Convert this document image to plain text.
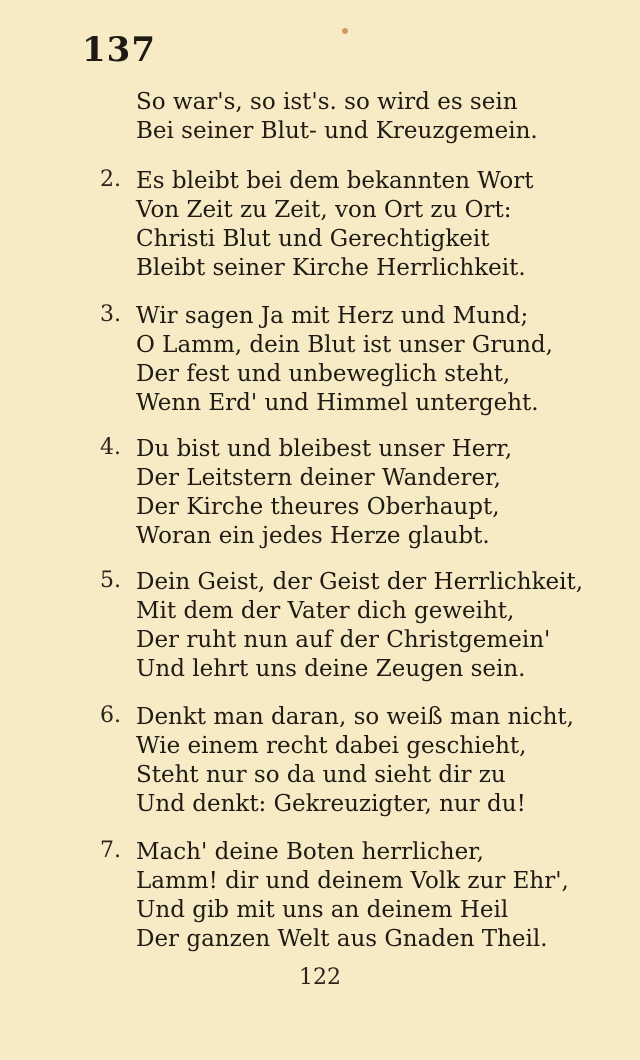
137
So war's, so ist's. so wird es sein
Bei seiner Blut- und Kreuzgemein.
2. Es bleibt bei dem bekannten Wort
Von Zeit zu Zeit, von Ort zu Ort:
Christi Blut und Gerechtigkeit
Bleibt seiner Kirche Herrlichkeit.
3. Wir sagen Ja mit Herz und Mund;
O Lamm, dein Blut ist unser Grund,
Der fest und unbeweglich steht,
Wenn Erd' und Himmel untergeht.
4. Du bist und bleibest unser Herr,
Der Leitstern deiner Wanderer,
Der Kirche theures Oberhaupt,
Woran ein jedes Herze glaubt.
5. Dein Geist, der Geist der Herrlichkeit,
Mit dem der Vater dich geweiht,
Der ruht nun auf der Christgemein'
Und lehrt uns deine Zeugen sein.
6. Denkt man daran, so weiß man nicht,
Wie einem recht dabei geschieht,
Steht nur so da und sieht dir zu
Und denkt: Gekreuzigter, nur du!
7. Mach' deine Boten herrlicher,
Lamm! dir und deinem Volk zur Ehr',
Und gib mit uns an deinem Heil
Der ganzen Welt aus Gnaden Theil.
122
